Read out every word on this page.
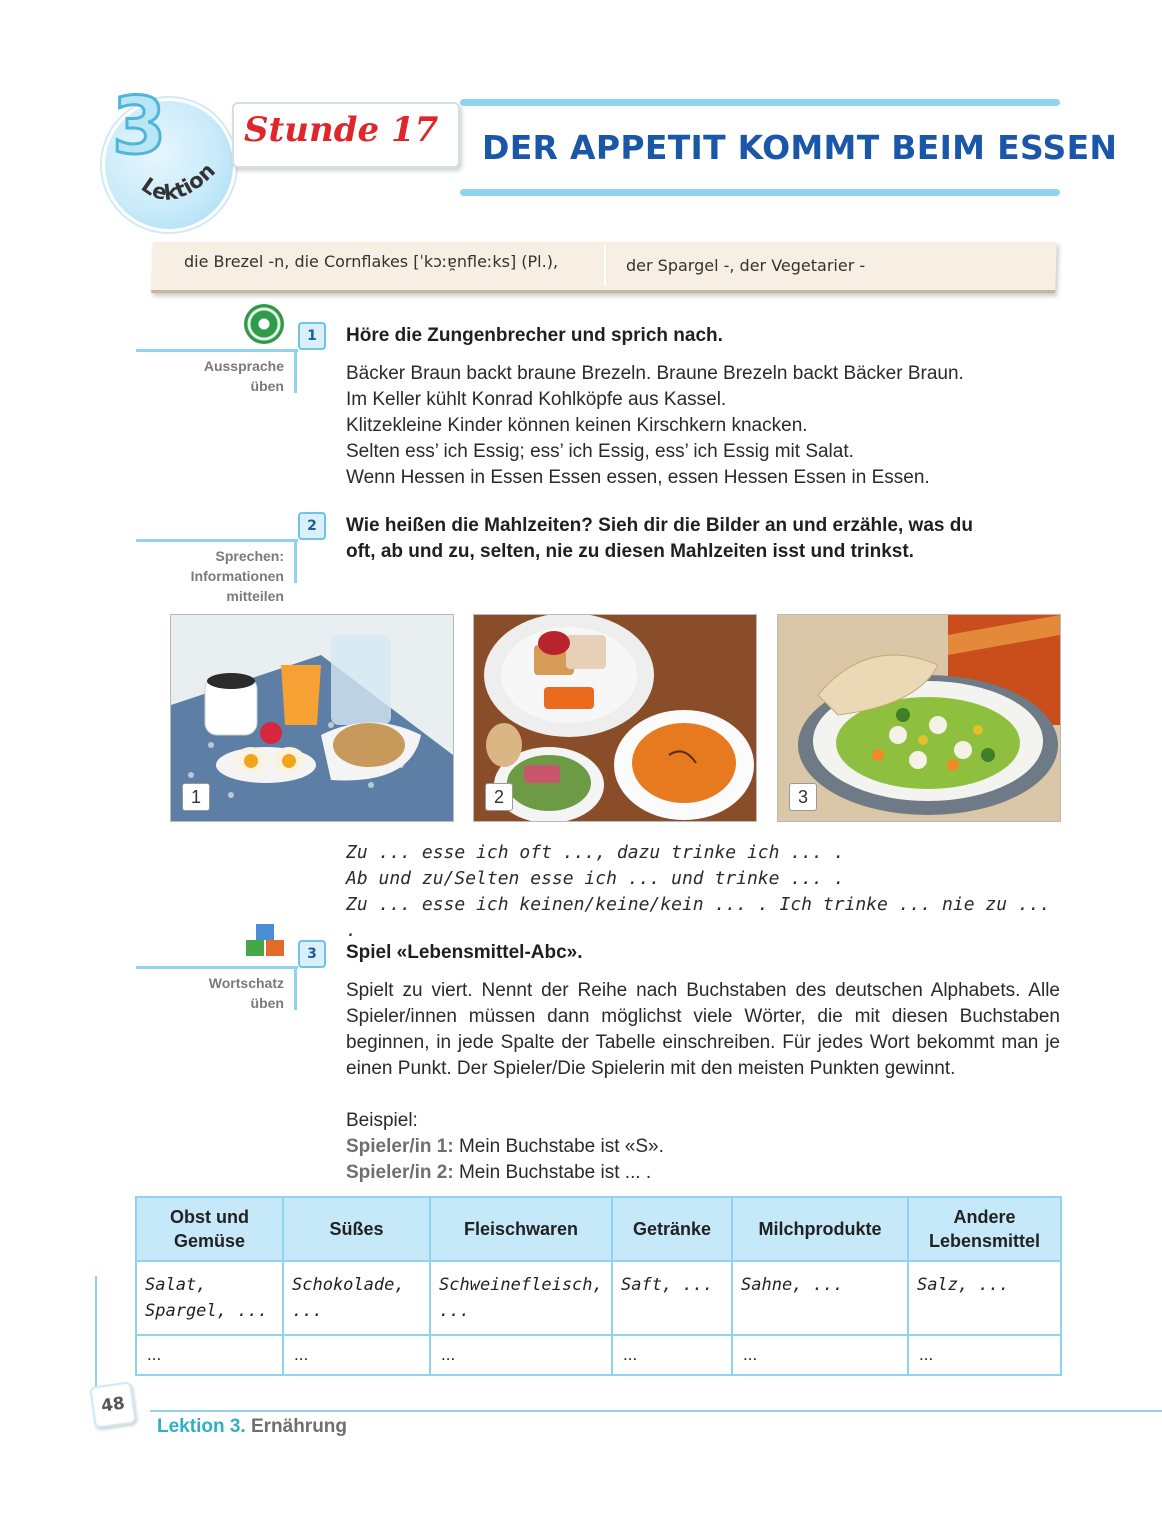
3
Lektion
Stunde 17 DER APPETIT KOMMT BEIM ESSEN
die Brezel -n, die Cornflakes [ˈkɔːɐ̯nfleːks] (Pl.),	der Spargel -, der Vegetarier -
1
Aussprache
üben
Höre die Zungenbrecher und sprich nach.
Bäcker Braun backt braune Brezeln. Braune Brezeln backt Bäcker Braun.
Im Keller kühlt Konrad Kohlköpfe aus Kassel.
Klitzekleine Kinder können keinen Kirschkern knacken.
Selten ess’ ich Essig; ess’ ich Essig, ess’ ich Essig mit Salat.
Wenn Hessen in Essen Essen essen, essen Hessen Essen in Essen.
2
Sprechen:
Informationen
mitteilen
Wie heißen die Mahlzeiten? Sieh dir die Bilder an und erzähle, was du
oft, ab und zu, selten, nie zu diesen Mahlzeiten isst und trinkst.
1	2	3
Zu ... esse ich oft ..., dazu trinke ich ... .
Ab und zu/Selten esse ich ... und trinke ... .
Zu ... esse ich keinen/keine/kein ... . Ich trinke ... nie zu ... .
3
Wortschatz
üben
Spiel «Lebensmittel-Abc».
Spielt zu viert. Nennt der Reihe nach Buchstaben des deutschen Alphabets. Alle Spieler/innen müssen dann möglichst viele Wörter, die mit diesen Buchstaben beginnen, in jede Spalte der Tabelle einschreiben. Für jedes Wort bekommt man je einen Punkt. Der Spieler/Die Spielerin mit den meisten Punkten gewinnt.
Beispiel:
Spieler/in 1: Mein Buchstabe ist «S».
Spieler/in 2: Mein Buchstabe ist ... .
Obst und Gemüse	Süßes	Fleischwaren	Getränke	Milchprodukte	Andere Lebensmittel
Salat, Spargel, ...	Schokolade, ...	Schweinefleisch, ...	Saft, ...	Sahne, ...	Salz, ...
...	...	...	...	...	...
48
Lektion 3. Ernährung
